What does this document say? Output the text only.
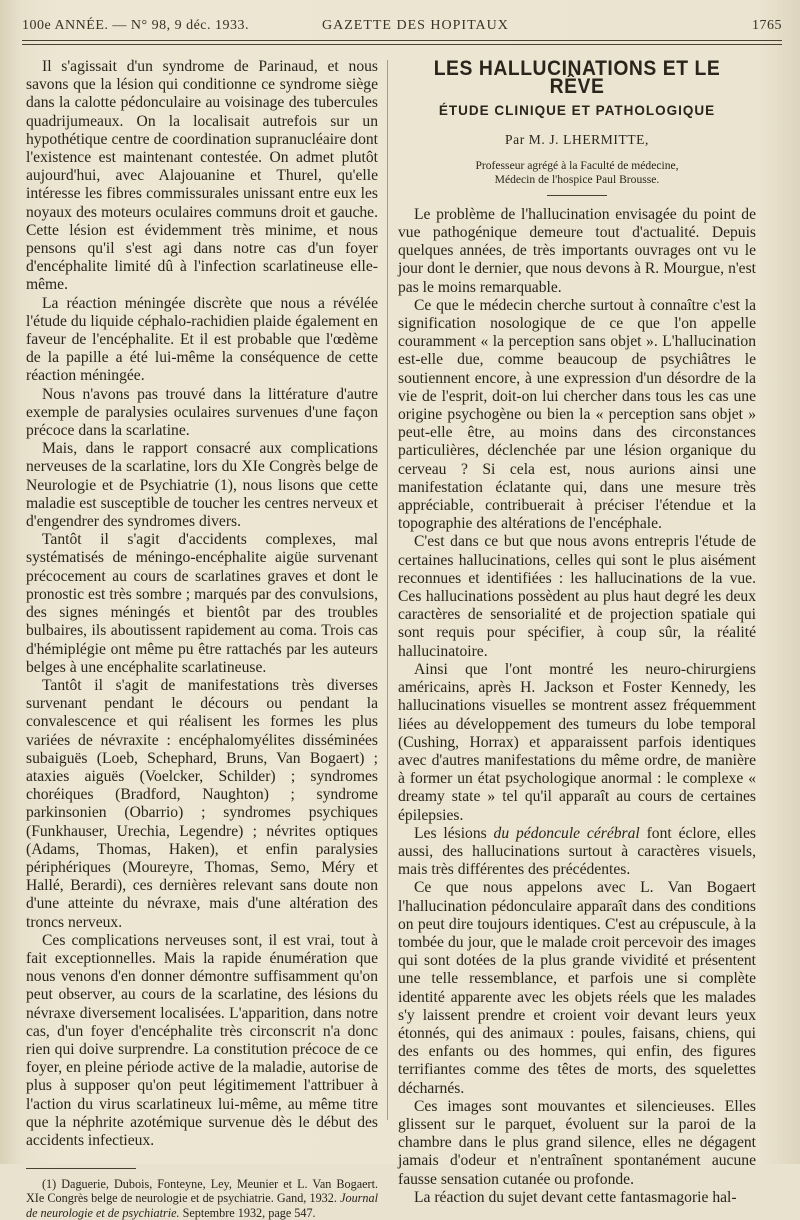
100e ANNÉE. — N° 98, 9 déc. 1933.	GAZETTE DES HOPITAUX	1765

Il s'agissait d'un syndrome de Parinaud, et nous savons que la lésion qui conditionne ce syndrome siège dans la calotte pédonculaire au voisinage des tubercules quadrijumeaux. On la localisait autrefois sur un hypothétique centre de coordination supranucléaire dont l'existence est maintenant contestée. On admet plutôt aujourd'hui, avec Alajouanine et Thurel, qu'elle intéresse les fibres commissurales unissant entre eux les noyaux des moteurs oculaires communs droit et gauche. Cette lésion est évidemment très minime, et nous pensons qu'il s'est agi dans notre cas d'un foyer d'encéphalite limité dû à l'infection scarlatineuse elle-même.

La réaction méningée discrète que nous a révélée l'étude du liquide céphalo-rachidien plaide également en faveur de l'encéphalite. Et il est probable que l'œdème de la papille a été lui-même la conséquence de cette réaction méningée.

Nous n'avons pas trouvé dans la littérature d'autre exemple de paralysies oculaires survenues d'une façon précoce dans la scarlatine.

Mais, dans le rapport consacré aux complications nerveuses de la scarlatine, lors du XIe Congrès belge de Neurologie et de Psychiatrie (1), nous lisons que cette maladie est susceptible de toucher les centres nerveux et d'engendrer des syndromes divers.

Tantôt il s'agit d'accidents complexes, mal systématisés de méningo-encéphalite aigüe survenant précocement au cours de scarlatines graves et dont le pronostic est très sombre ; marqués par des convulsions, des signes méningés et bientôt par des troubles bulbaires, ils aboutissent rapidement au coma. Trois cas d'hémiplégie ont même pu être rattachés par les auteurs belges à une encéphalite scarlatineuse.

Tantôt il s'agit de manifestations très diverses survenant pendant le décours ou pendant la convalescence et qui réalisent les formes les plus variées de névraxite : encéphalomyélites disséminées subaiguës (Loeb, Schephard, Bruns, Van Bogaert) ; ataxies aiguës (Voelcker, Schilder) ; syndromes choréiques (Bradford, Naughton) ; syndrome parkinsonien (Obarrio) ; syndromes psychiques (Funkhauser, Urechia, Legendre) ; névrites optiques (Adams, Thomas, Haken), et enfin paralysies périphériques (Moureyre, Thomas, Semo, Méry et Hallé, Berardi), ces dernières relevant sans doute non d'une atteinte du névraxe, mais d'une altération des troncs nerveux.

Ces complications nerveuses sont, il est vrai, tout à fait exceptionnelles. Mais la rapide énumération que nous venons d'en donner démontre suffisamment qu'on peut observer, au cours de la scarlatine, des lésions du névraxe diversement localisées. L'apparition, dans notre cas, d'un foyer d'encéphalite très circonscrit n'a donc rien qui doive surprendre. La constitution précoce de ce foyer, en pleine période active de la maladie, autorise de plus à supposer qu'on peut légitimement l'attribuer à l'action du virus scarlatineux lui-même, au même titre que la néphrite azotémique survenue dès le début des accidents infectieux.

(1) Daguerie, Dubois, Fonteyne, Ley, Meunier et L. Van Bogaert. XIe Congrès belge de neurologie et de psychiatrie. Gand, 1932. Journal de neurologie et de psychiatrie. Septembre 1932, page 547.

LES HALLUCINATIONS ET LE RÊVE
ÉTUDE CLINIQUE ET PATHOLOGIQUE
Par M. J. LHERMITTE,
Professeur agrégé à la Faculté de médecine,
Médecin de l'hospice Paul Brousse.

Le problème de l'hallucination envisagée du point de vue pathogénique demeure tout d'actualité. Depuis quelques années, de très importants ouvrages ont vu le jour dont le dernier, que nous devons à R. Mourgue, n'est pas le moins remarquable.

Ce que le médecin cherche surtout à connaître c'est la signification nosologique de ce que l'on appelle couramment « la perception sans objet ». L'hallucination est-elle due, comme beaucoup de psychiâtres le soutiennent encore, à une expression d'un désordre de la vie de l'esprit, doit-on lui chercher dans tous les cas une origine psychogène ou bien la « perception sans objet » peut-elle être, au moins dans des circonstances particulières, déclenchée par une lésion organique du cerveau ? Si cela est, nous aurions ainsi une manifestation éclatante qui, dans une mesure très appréciable, contribuerait à préciser l'étendue et la topographie des altérations de l'encéphale.

C'est dans ce but que nous avons entrepris l'étude de certaines hallucinations, celles qui sont le plus aisément reconnues et identifiées : les hallucinations de la vue. Ces hallucinations possèdent au plus haut degré les deux caractères de sensorialité et de projection spatiale qui sont requis pour spécifier, à coup sûr, la réalité hallucinatoire.

Ainsi que l'ont montré les neuro-chirurgiens américains, après H. Jackson et Foster Kennedy, les hallucinations visuelles se montrent assez fréquemment liées au développement des tumeurs du lobe temporal (Cushing, Horrax) et apparaissent parfois identiques avec d'autres manifestations du même ordre, de manière à former un état psychologique anormal : le complexe « dreamy state » tel qu'il apparaît au cours de certaines épilepsies.

Les lésions du pédoncule cérébral font éclore, elles aussi, des hallucinations surtout à caractères visuels, mais très différentes des précédentes.

Ce que nous appelons avec L. Van Bogaert l'hallucination pédonculaire apparaît dans des conditions on peut dire toujours identiques. C'est au crépuscule, à la tombée du jour, que le malade croit percevoir des images qui sont dotées de la plus grande vividité et présentent une telle ressemblance, et parfois une si complète identité apparente avec les objets réels que les malades s'y laissent prendre et croient voir devant leurs yeux étonnés, qui des animaux : poules, faisans, chiens, qui des enfants ou des hommes, qui enfin, des figures terrifiantes comme des têtes de morts, des squelettes décharnés.

Ces images sont mouvantes et silencieuses. Elles glissent sur le parquet, évoluent sur la paroi de la chambre dans le plus grand silence, elles ne dégagent jamais d'odeur et n'entraînent spontanément aucune fausse sensation cutanée ou profonde.

La réaction du sujet devant cette fantasmagorie hal-
